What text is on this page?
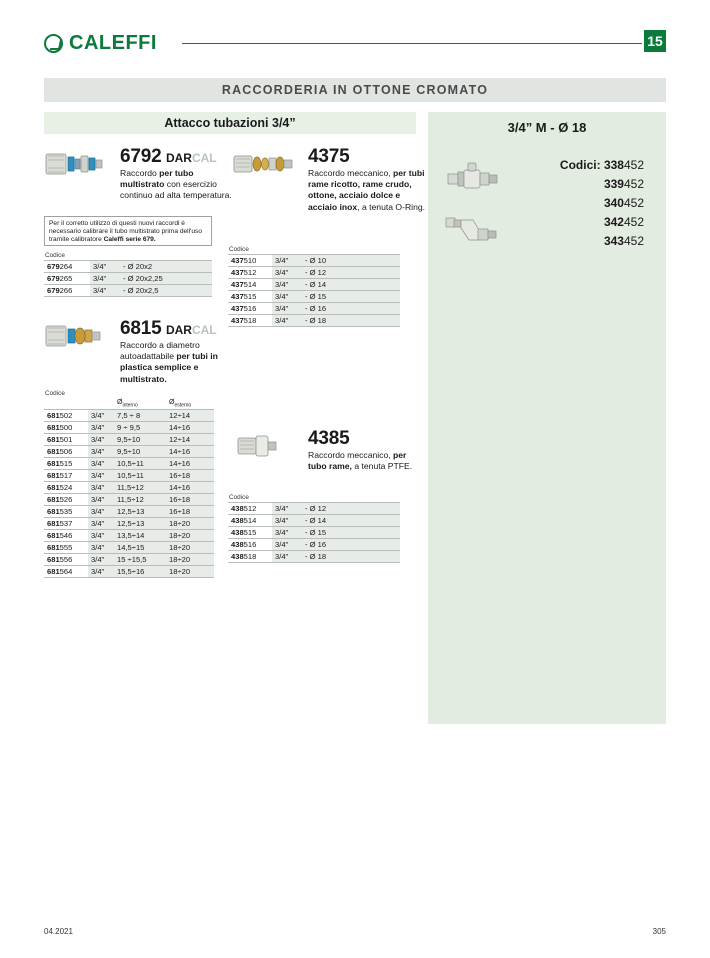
CALEFFI	15
RACCORDERIA IN OTTONE CROMATO
Attacco tubazioni 3/4”	3/4” M - Ø 18
Codici: 338452
339452
340452
342452
343452
6792 DARCAL
Raccordo per tubo multistrato con esercizio continuo ad alta temperatura.
Per il corretto utilizzo di questi nuovi raccordi è necessario calibrare il tubo multistrato prima dell'uso tramite calibratore Caleffi serie 679.
Codice
679264	3/4"	- Ø 20x2
679265	3/4"	- Ø 20x2,25
679266	3/4"	- Ø 20x2,5
6815 DARCAL
Raccordo a diametro autoadattabile per tubi in plastica semplice e multistrato.
Codice
		$Ø_{interno}$	$Ø_{esterno}$
681502	3/4"	7,5 ÷ 8	12÷14
681500	3/4"	9 ÷ 9,5	14÷16
681501	3/4"	9,5÷10	12÷14
681506	3/4"	9,5÷10	14÷16
681515	3/4"	10,5÷11	14÷16
681517	3/4"	10,5÷11	16÷18
681524	3/4"	11,5÷12	14÷16
681526	3/4"	11,5÷12	16÷18
681535	3/4"	12,5÷13	16÷18
681537	3/4"	12,5÷13	18÷20
681546	3/4"	13,5÷14	18÷20
681555	3/4"	14,5÷15	18÷20
681556	3/4"	15 ÷15,5	18÷20
681564	3/4"	15,5÷16	18÷20
4375
Raccordo meccanico, per tubi rame ricotto, rame crudo, ottone, acciaio dolce e acciaio inox, a tenuta O-Ring.
Codice
437510	3/4"	- Ø 10
437512	3/4"	- Ø 12
437514	3/4"	- Ø 14
437515	3/4"	- Ø 15
437516	3/4"	- Ø 16
437518	3/4"	- Ø 18
4385
Raccordo meccanico, per tubo rame, a tenuta PTFE.
Codice
438512	3/4"	- Ø 12
438514	3/4"	- Ø 14
438515	3/4"	- Ø 15
438516	3/4"	- Ø 16
438518	3/4"	- Ø 18
04.2021	305
